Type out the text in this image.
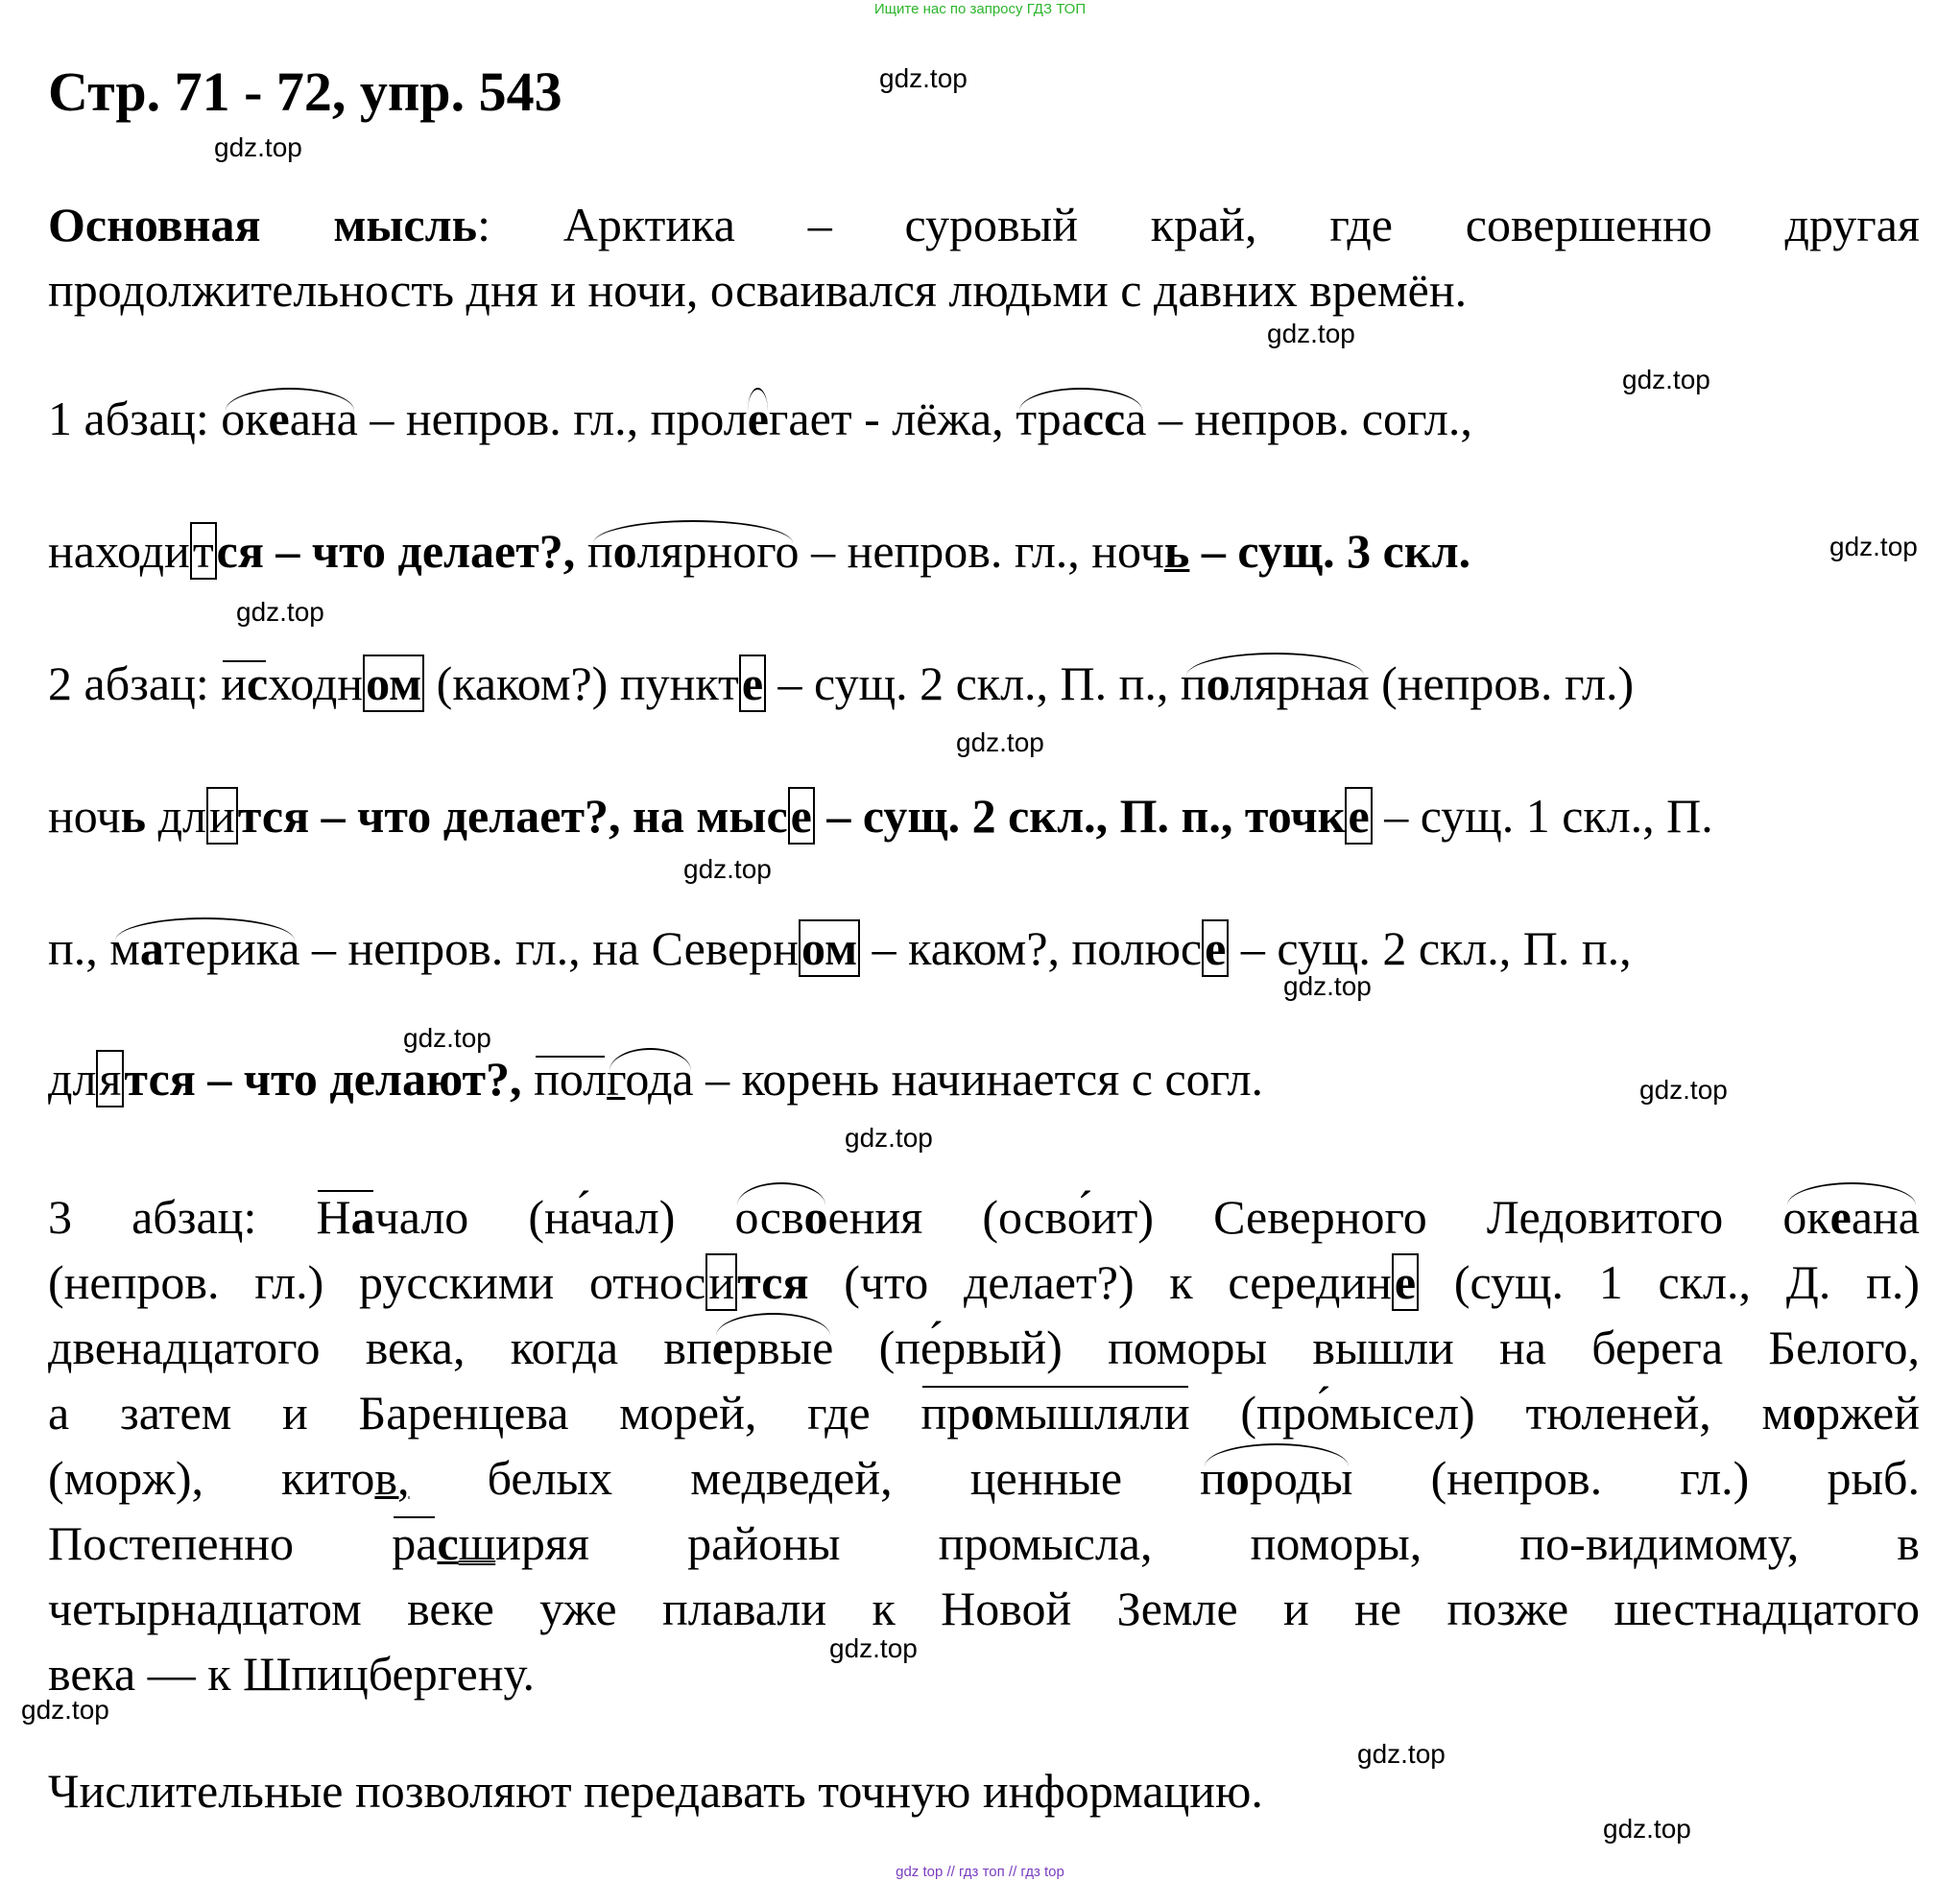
Ищите нас по запросу ГДЗ ТОП
Стр. 71 - 72, упр. 543	gdz.top
gdz.top
gdz.top
gdz.top
gdz.top
gdz.top
gdz.top
gdz.top
gdz.top
gdz.top
gdz.top
gdz.top
gdz.top
gdz.top
gdz.top
gdz.top
Основная мысль: Арктика – суровый край, где совершенно другая
продолжительность дня и ночи, осваивался людьми с давних времён.
1 абзац: океана – непров. гл., пролегает - лёжа, трасса – непров. согл.,
находится – что делает?, полярного – непров. гл., ночь – сущ. 3 скл.
2 абзац: исходном (каком?) пункте – сущ. 2 скл., П. п., полярная (непров. гл.)
ночь длится – что делает?, на мысе – сущ. 2 скл., П. п., точке – сущ. 1 скл., П.
п., материка – непров. гл., на Северном – каком?, полюсе – сущ. 2 скл., П. п.,
длятся – что делают?, полгода – корень начинается с согл.
3 абзац: Начало (на́чал) освоения (осво́ит) Северного Ледовитого океана
(непров. гл.) русскими относится (что делает?) к середине (сущ. 1 скл., Д. п.)
двенадцатого века, когда впервые (пе́рвый) поморы вышли на берега Белого,
а затем и Баренцева морей, где промышляли (про́мысел) тюленей, моржей
(морж), китов, белых медведей, ценные породы (непров. гл.) рыб.
Постепенно расширяя районы промысла, поморы, по-видимому, в
четырнадцатом веке уже плавали к Новой Земле и не позже шестнадцатого
века — к Шпицбергену.
Числительные позволяют передавать точную информацию.
gdz top // гдз топ // гдз top
